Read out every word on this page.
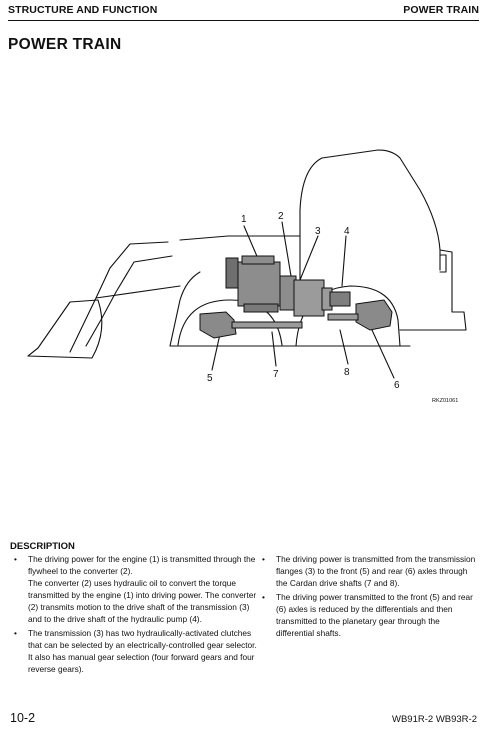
STRUCTURE AND FUNCTION	POWER TRAIN
POWER TRAIN
1	2
3 4
5
6
7	8
RKZ01061
DESCRIPTION
• The driving power for the engine (1) is transmitted through the flywheel to the converter (2).

The converter (2) uses hydraulic oil to convert the torque transmitted by the engine (1) into driving power. The converter (2) transmits motion to the drive shaft of the transmission (3) and to the drive shaft of the hydraulic pump (4).

• The transmission (3) has two hydraulically-activated clutches that can be selected by an electrically-controlled gear selector. It also has manual gear selection (four forward gears and four reverse gears).

• The driving power is transmitted from the transmission flanges (3) to the front (5) and rear (6) axles through the Cardan drive shafts (7 and 8).

• The driving power transmitted to the front (5) and rear (6) axles is reduced by the differentials and then transmitted to the planetary gear through the differential shafts.

10-2	WB91R-2 WB93R-2
